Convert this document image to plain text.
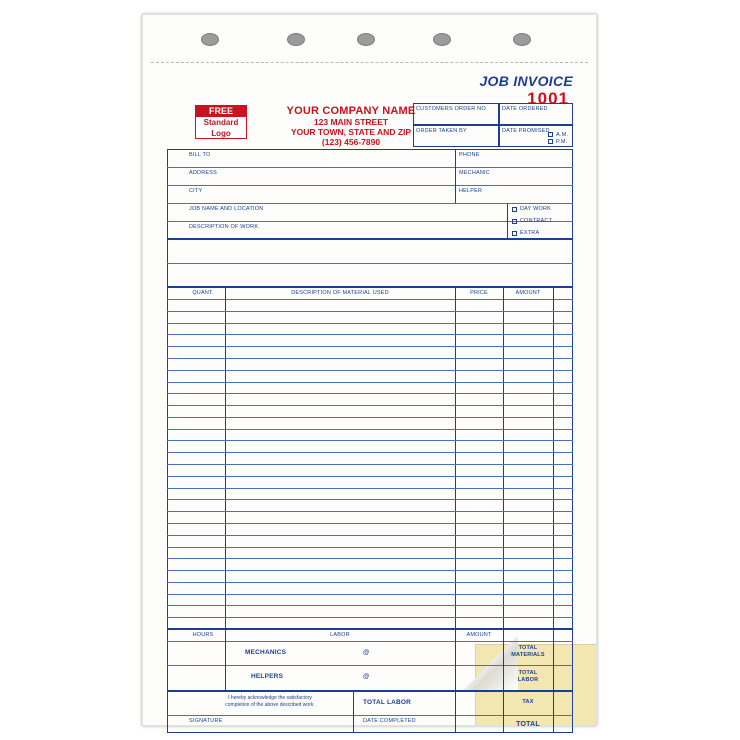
JOB INVOICE
1001
FREE
Standard
Logo
YOUR COMPANY NAME
123 MAIN STREET
YOUR TOWN, STATE AND ZIP
(123) 456-7890
CUSTOMERS ORDER NO.	DATE ORDERED
ORDER TAKEN BY	DATE PROMISED
A.M.
P.M.
BILL TO
ADDRESS
CITY
PHONE
MECHANIC
HELPER
JOB NAME AND LOCATION
DESCRIPTION OF WORK
DAY WORK
CONTRACT
EXTRA
QUANT.	DESCRIPTION OF MATERIAL USED	PRICE	AMOUNT
HOURS	LABOR	AMOUNT
MECHANICS	@
HELPERS	@
TOTAL
MATERIALS
TOTAL
LABOR
I hereby acknowledge the satisfactory
completion of the above described work.	TOTAL LABOR	TAX
SIGNATURE	DATE COMPLETED	TOTAL
